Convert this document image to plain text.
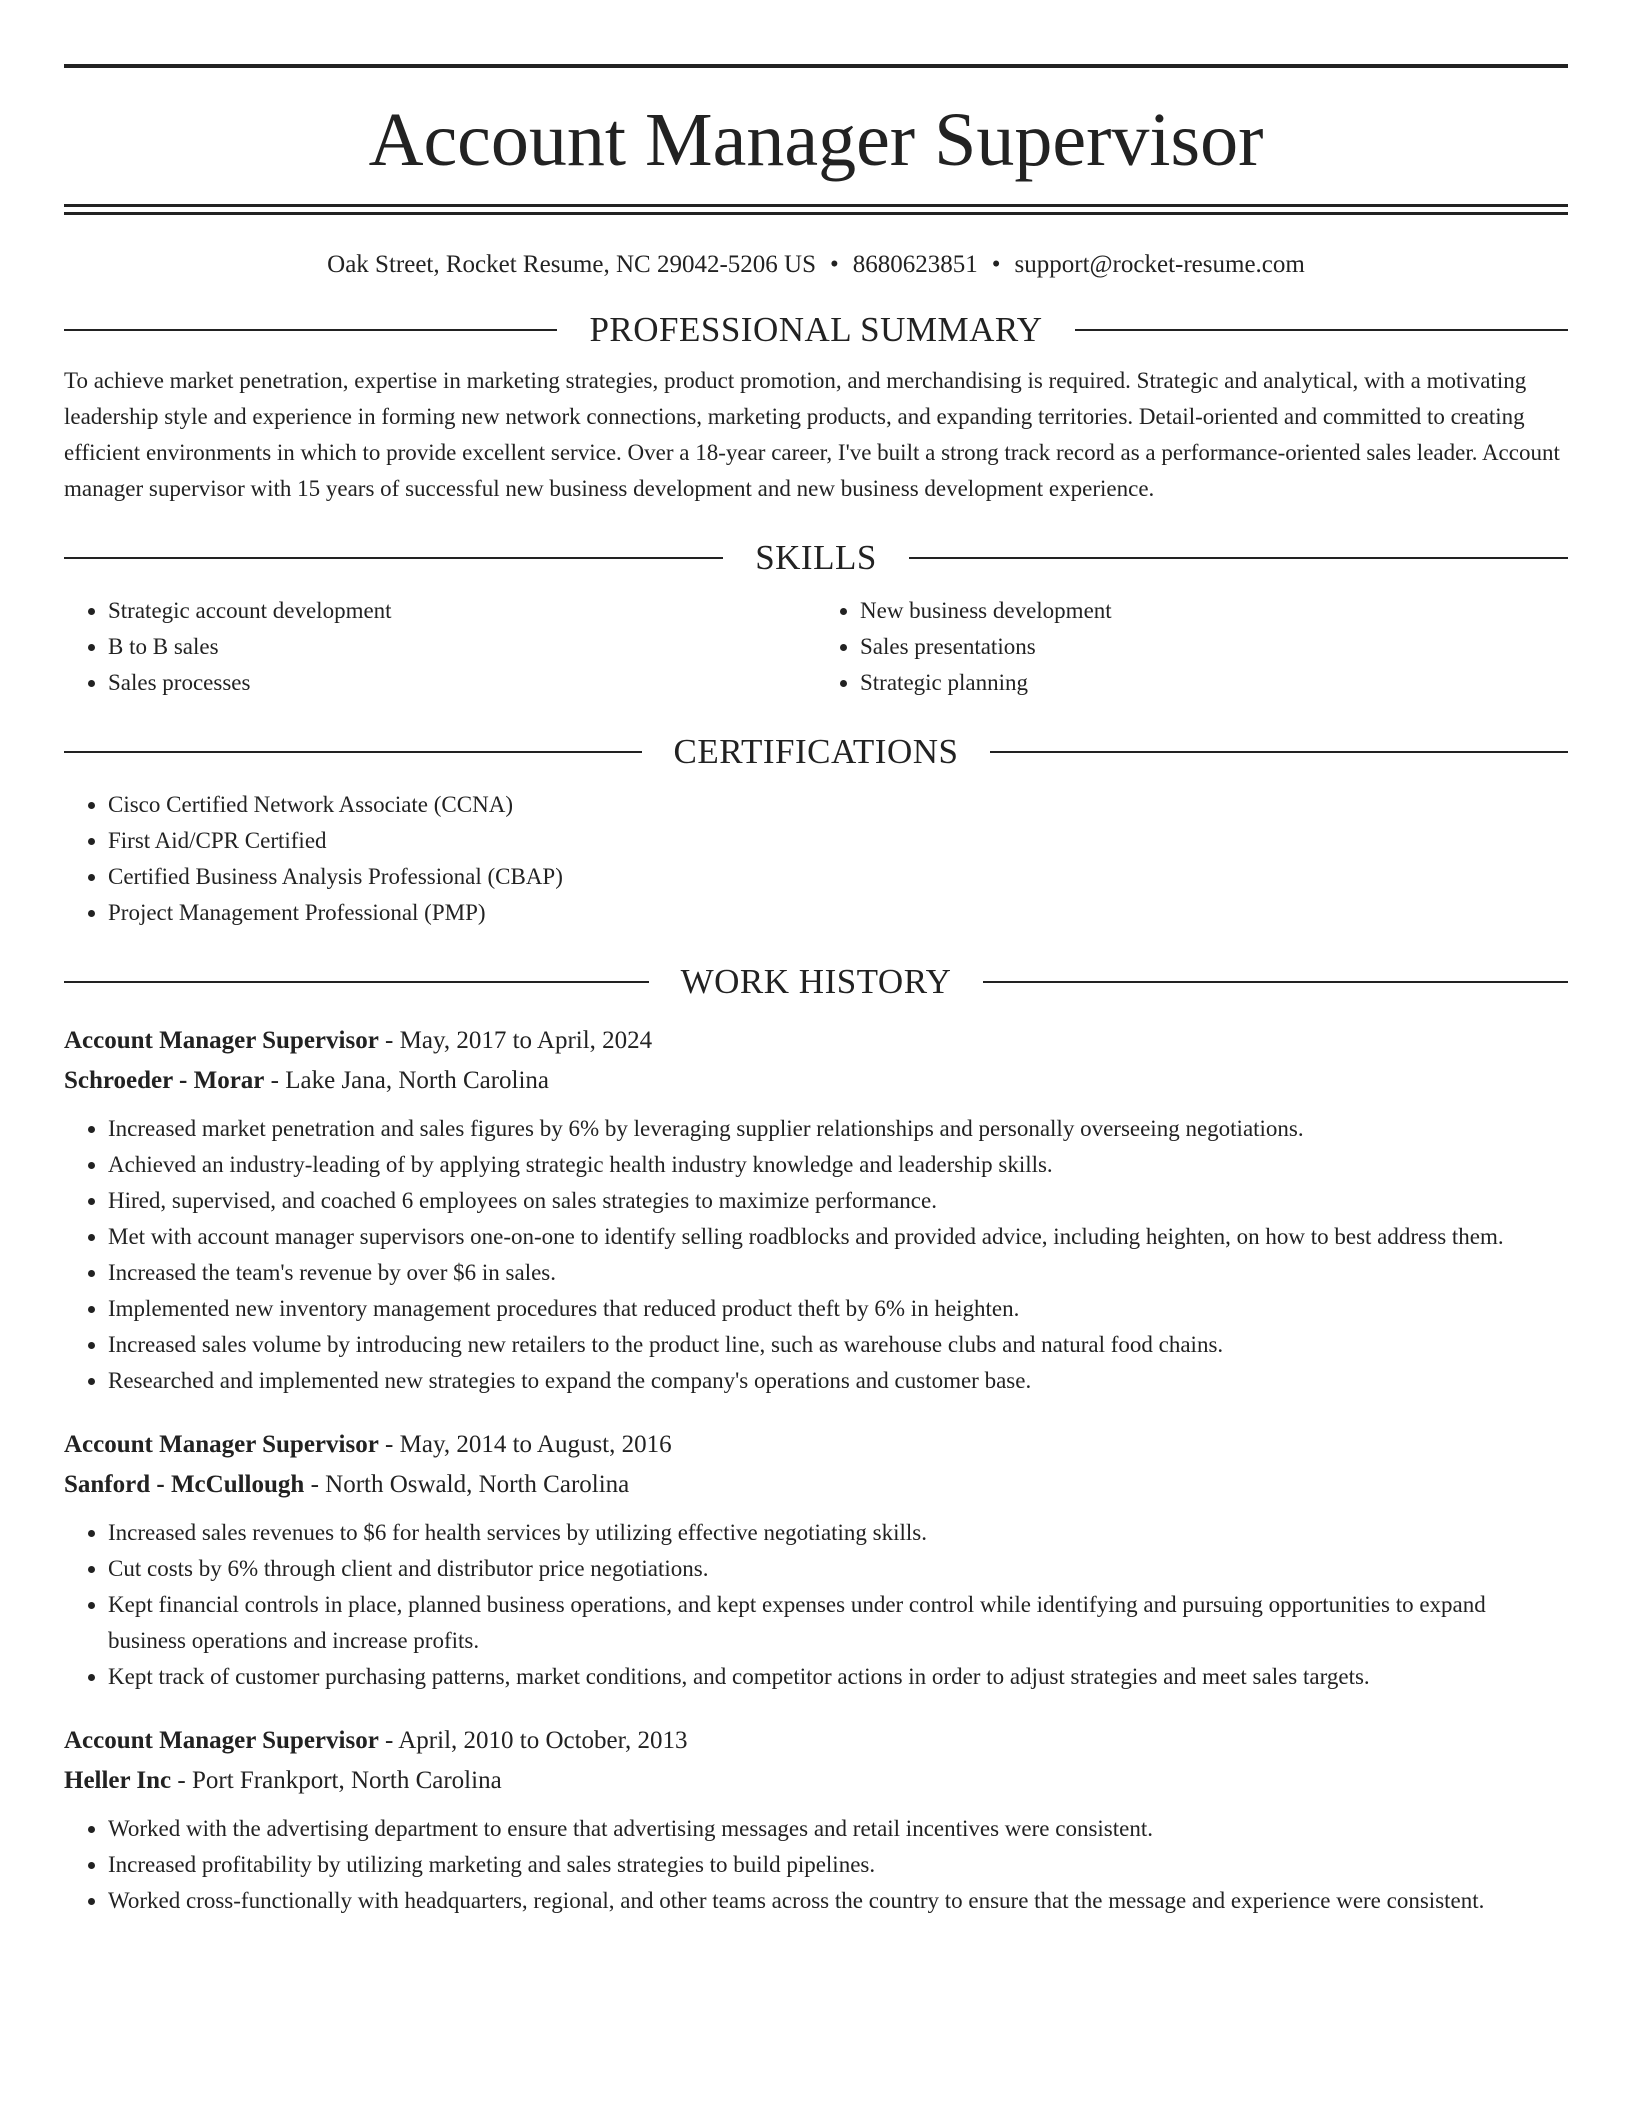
Account Manager Supervisor
Oak Street, Rocket Resume, NC 29042-5206 US • 8680623851 • support@rocket-resume.com
PROFESSIONAL SUMMARY

To achieve market penetration, expertise in marketing strategies, product promotion, and merchandising is required. Strategic and analytical, with a motivating leadership style and experience in forming new network connections, marketing products, and expanding territories. Detail-oriented and committed to creating efficient environments in which to provide excellent service. Over a 18-year career, I've built a strong track record as a performance-oriented sales leader. Account manager supervisor with 15 years of successful new business development and new business development experience.

SKILLS
• Strategic account development
• B to B sales
• Sales processes
• New business development
• Sales presentations
• Strategic planning
CERTIFICATIONS
• Cisco Certified Network Associate (CCNA)
• First Aid/CPR Certified
• Certified Business Analysis Professional (CBAP)
• Project Management Professional (PMP)
WORK HISTORY
Account Manager Supervisor - May, 2017 to April, 2024
Schroeder - Morar - Lake Jana, North Carolina
• Increased market penetration and sales figures by 6% by leveraging supplier relationships and personally overseeing negotiations.
• Achieved an industry-leading of by applying strategic health industry knowledge and leadership skills.
• Hired, supervised, and coached 6 employees on sales strategies to maximize performance.
• Met with account manager supervisors one-on-one to identify selling roadblocks and provided advice, including heighten, on how to best address them.
• Increased the team's revenue by over $6 in sales.
• Implemented new inventory management procedures that reduced product theft by 6% in heighten.
• Increased sales volume by introducing new retailers to the product line, such as warehouse clubs and natural food chains.
• Researched and implemented new strategies to expand the company's operations and customer base.
Account Manager Supervisor - May, 2014 to August, 2016
Sanford - McCullough - North Oswald, North Carolina
• Increased sales revenues to $6 for health services by utilizing effective negotiating skills.
• Cut costs by 6% through client and distributor price negotiations.
• Kept financial controls in place, planned business operations, and kept expenses under control while identifying and pursuing opportunities to expand business operations and increase profits.
• Kept track of customer purchasing patterns, market conditions, and competitor actions in order to adjust strategies and meet sales targets.
Account Manager Supervisor - April, 2010 to October, 2013
Heller Inc - Port Frankport, North Carolina
• Worked with the advertising department to ensure that advertising messages and retail incentives were consistent.
• Increased profitability by utilizing marketing and sales strategies to build pipelines.
• Worked cross-functionally with headquarters, regional, and other teams across the country to ensure that the message and experience were consistent.
